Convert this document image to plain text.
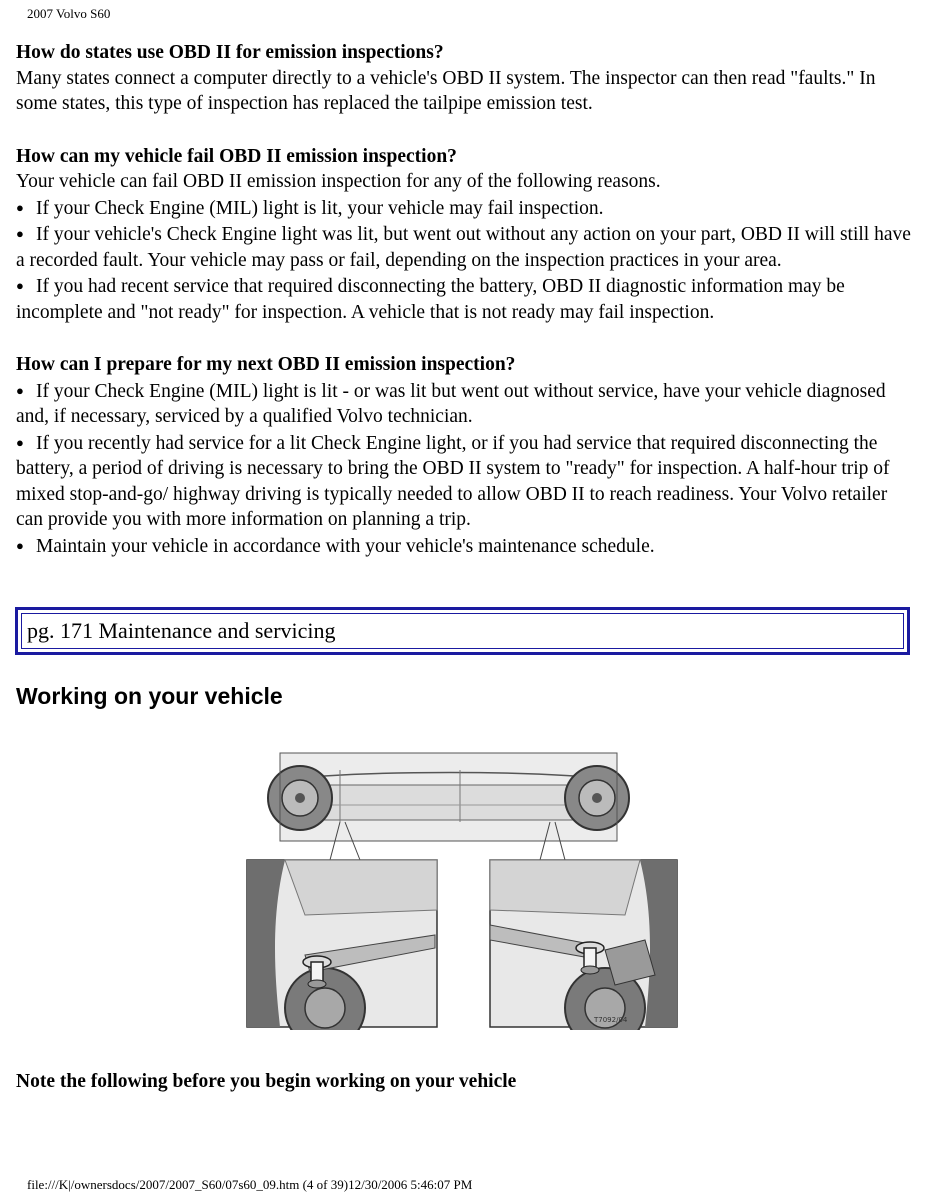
2007 Volvo S60

How do states use OBD II for emission inspections?

Many states connect a computer directly to a vehicle's OBD II system. The inspector can then read "faults." In some states, this type of inspection has replaced the tailpipe emission test.

How can my vehicle fail OBD II emission inspection?

Your vehicle can fail OBD II emission inspection for any of the following reasons.

● If your Check Engine (MIL) light is lit, your vehicle may fail inspection.

● If your vehicle's Check Engine light was lit, but went out without any action on your part, OBD II will still have a recorded fault. Your vehicle may pass or fail, depending on the inspection practices in your area.

● If you had recent service that required disconnecting the battery, OBD II diagnostic information may be incomplete and "not ready" for inspection. A vehicle that is not ready may fail inspection.

How can I prepare for my next OBD II emission inspection?

● If your Check Engine (MIL) light is lit - or was lit but went out without service, have your vehicle diagnosed and, if necessary, serviced by a qualified Volvo technician.

● If you recently had service for a lit Check Engine light, or if you had service that required disconnecting the battery, a period of driving is necessary to bring the OBD II system to "ready" for inspection. A half-hour trip of mixed stop-and-go/ highway driving is typically needed to allow OBD II to reach readiness. Your Volvo retailer can provide you with more information on planning a trip.

● Maintain your vehicle in accordance with your vehicle's maintenance schedule.

pg. 171 Maintenance and servicing
Working on your vehicle
T7092/04
Note the following before you begin working on your vehicle
file:///K|/ownersdocs/2007/2007_S60/07s60_09.htm (4 of 39)12/30/2006 5:46:07 PM
